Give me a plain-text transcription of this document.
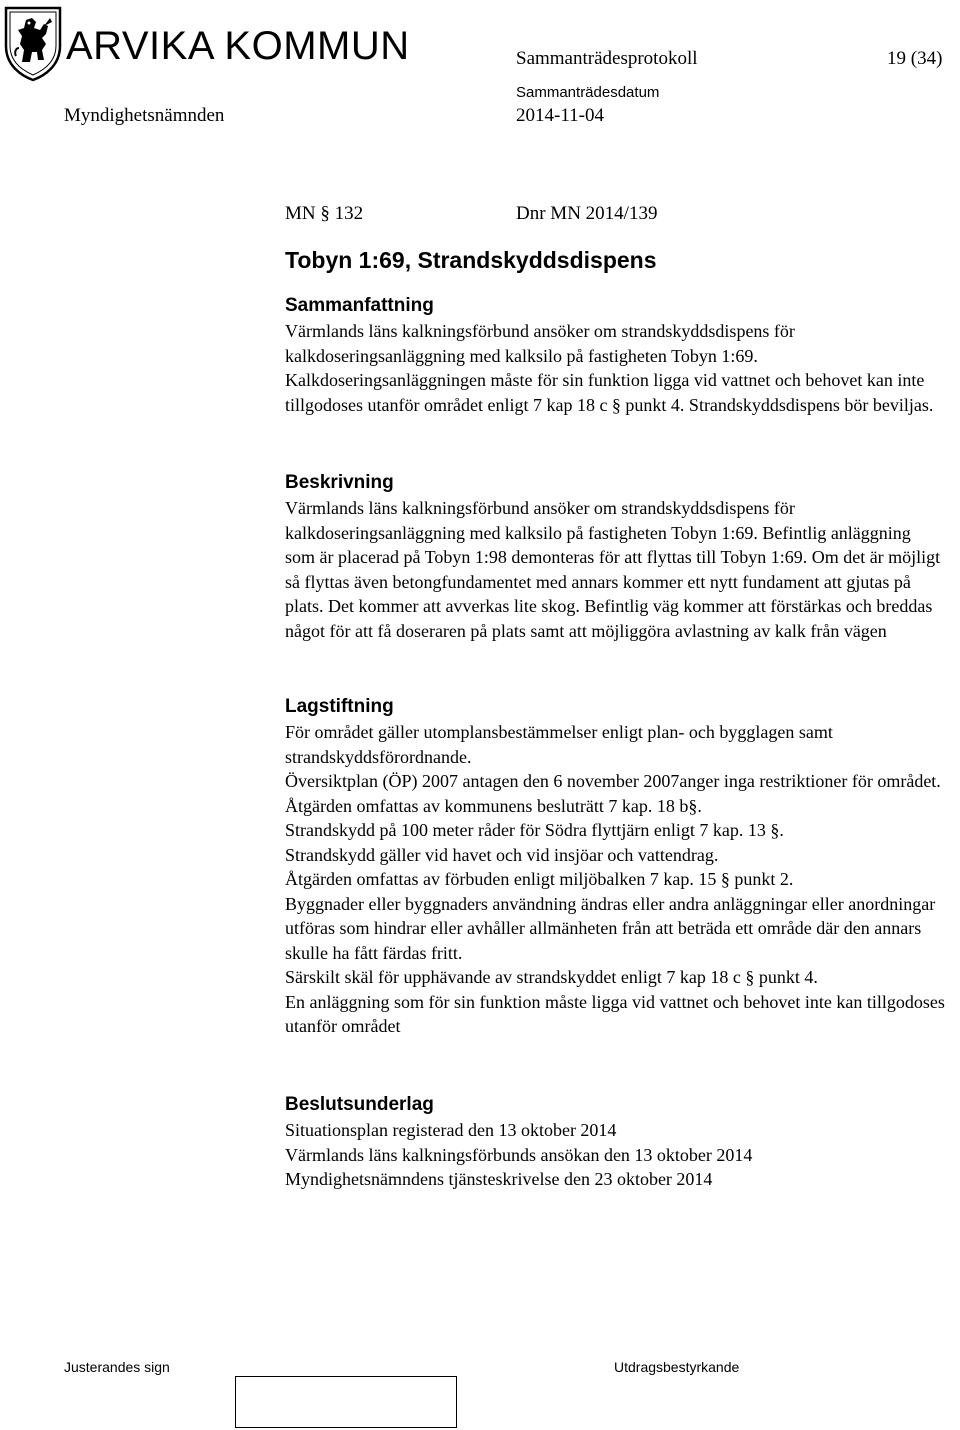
ARVIKA KOMMUN	Sammanträdesprotokoll	19 (34)
Myndighetsnämnden
Sammanträdesdatum
2014-11-04
MN § 132	Dnr MN 2014/139
Tobyn 1:69, Strandskyddsdispens
Sammanfattning

Värmlands läns kalkningsförbund ansöker om strandskyddsdispens för kalkdoseringsanläggning med kalksilo på fastigheten Tobyn 1:69. Kalkdoseringsanläggningen måste för sin funktion ligga vid vattnet och behovet kan inte tillgodoses utanför området enligt 7 kap 18 c § punkt 4. Strandskyddsdispens bör beviljas.

Beskrivning

Värmlands läns kalkningsförbund ansöker om strandskyddsdispens för kalkdoseringsanläggning med kalksilo på fastigheten Tobyn 1:69. Befintlig anläggning som är placerad på Tobyn 1:98 demonteras för att flyttas till Tobyn 1:69. Om det är möjligt så flyttas även betongfundamentet med annars kommer ett nytt fundament att gjutas på plats. Det kommer att avverkas lite skog. Befintlig väg kommer att förstärkas och breddas något för att få doseraren på plats samt att möjliggöra avlastning av kalk från vägen

Lagstiftning

För området gäller utomplansbestämmelser enligt plan- och bygglagen samt strandskyddsförordnande.

Översiktplan (ÖP) 2007 antagen den 6 november 2007anger inga restriktioner för området.

Åtgärden omfattas av kommunens besluträtt 7 kap. 18 b§.

Strandskydd på 100 meter råder för Södra flyttjärn enligt 7 kap. 13 §.

Strandskydd gäller vid havet och vid insjöar och vattendrag.

Åtgärden omfattas av förbuden enligt miljöbalken 7 kap. 15 § punkt 2.

Byggnader eller byggnaders användning ändras eller andra anläggningar eller anordningar utföras som hindrar eller avhåller allmänheten från att beträda ett område där den annars skulle ha fått färdas fritt.

Särskilt skäl för upphävande av strandskyddet enligt 7 kap 18 c § punkt 4.

En anläggning som för sin funktion måste ligga vid vattnet och behovet inte kan tillgodoses utanför området

Beslutsunderlag

Situationsplan registerad den 13 oktober 2014

Värmlands läns kalkningsförbunds ansökan den 13 oktober 2014

Myndighetsnämndens tjänsteskrivelse den 23 oktober 2014

Justerandes sign	Utdragsbestyrkande
